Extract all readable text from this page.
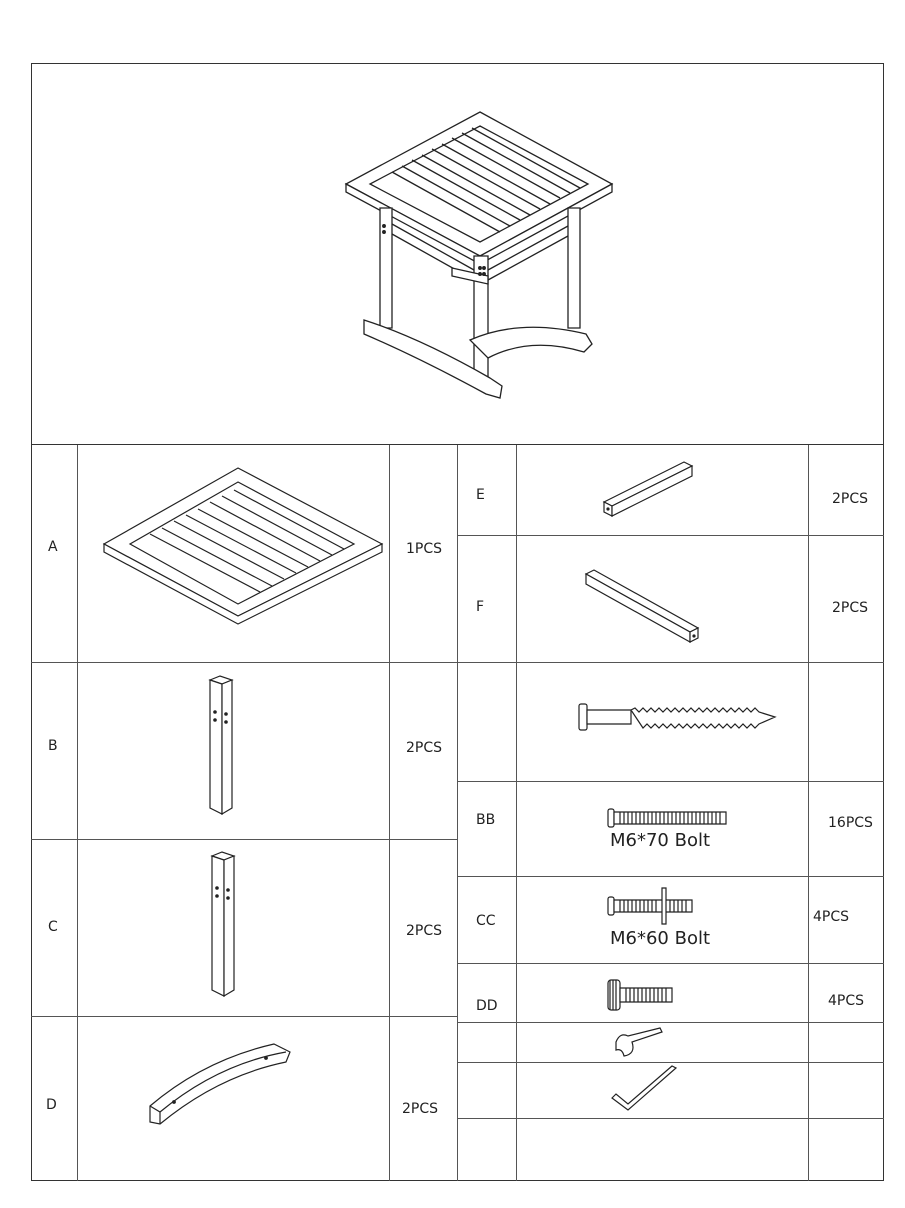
A	1PCS
B	2PCS
C	2PCS
D	2PCS
E	2PCS
F	2PCS
BB	16PCS
M6*70 Bolt
CC	4PCS
M6*60 Bolt
DD	4PCS
